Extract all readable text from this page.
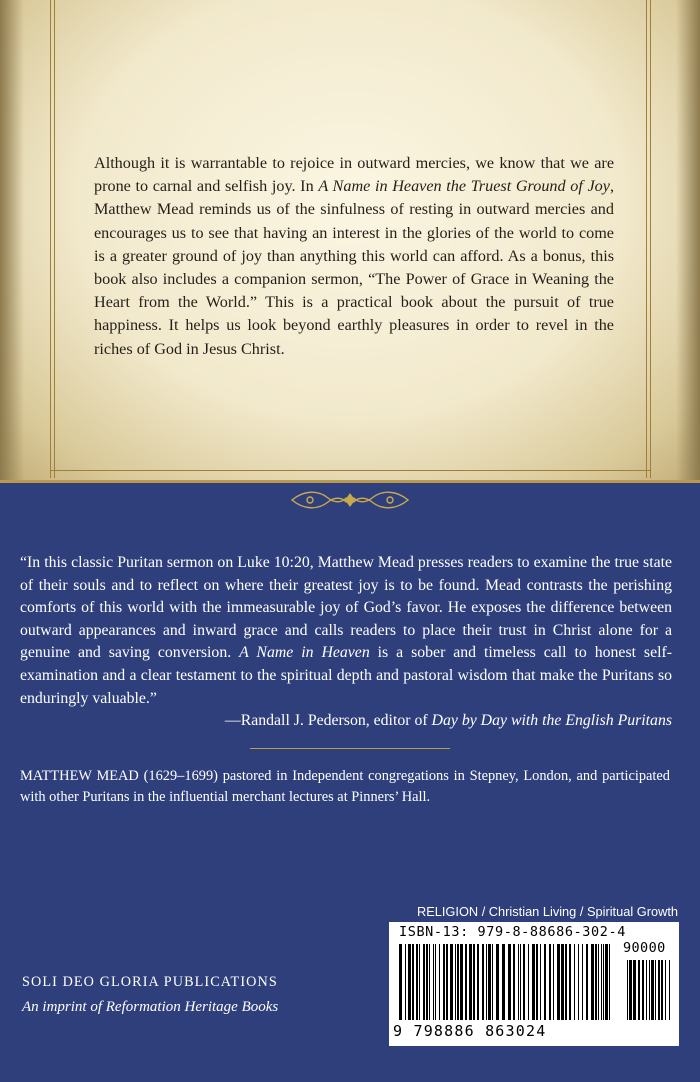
Although it is warrantable to rejoice in outward mercies, we know that we are prone to carnal and selfish joy. In A Name in Heaven the Truest Ground of Joy, Matthew Mead reminds us of the sinfulness of resting in outward mercies and encourages us to see that having an interest in the glories of the world to come is a greater ground of joy than anything this world can afford. As a bonus, this book also includes a companion sermon, “The Power of Grace in Weaning the Heart from the World.” This is a practical book about the pursuit of true happiness. It helps us look beyond earthly pleasures in order to revel in the riches of God in Jesus Christ.

“In this classic Puritan sermon on Luke 10:20, Matthew Mead presses readers to examine the true state of their souls and to reflect on where their greatest joy is to be found. Mead contrasts the perishing comforts of this world with the immeasurable joy of God’s favor. He exposes the difference between outward appearances and inward grace and calls readers to place their trust in Christ alone for a genuine and saving conversion. A Name in Heaven is a sober and timeless call to honest self-examination and a clear testament to the spiritual depth and pastoral wisdom that make the Puritans so enduringly valuable.”

—Randall J. Pederson, editor of Day by Day with the English Puritans

MATTHEW MEAD (1629–1699) pastored in Independent congregations in Stepney, London, and participated with other Puritans in the influential merchant lectures at Pinners’ Hall.

RELIGION / Christian Living / Spiritual Growth
ISBN-13: 979-8-88686-302-4
90000
9 798886 863024
SOLI DEO GLORIA PUBLICATIONS
An imprint of Reformation Heritage Books
